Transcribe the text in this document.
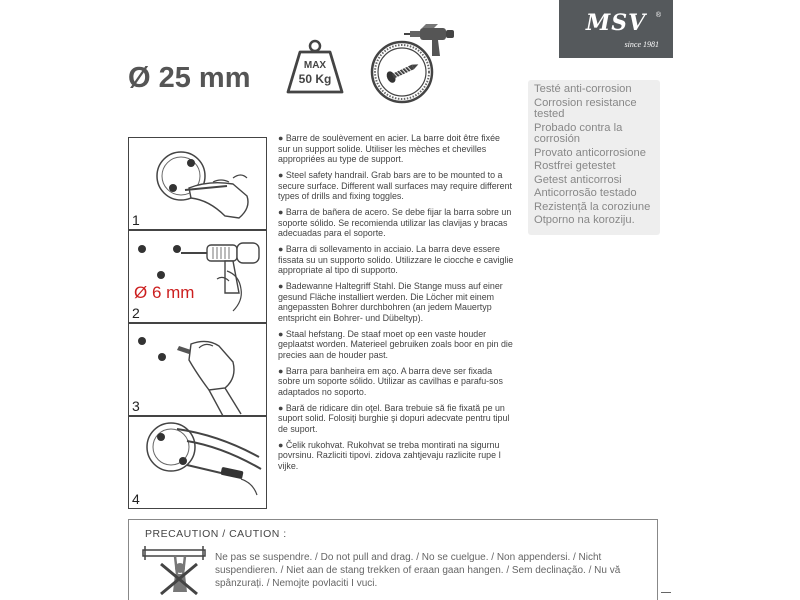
MSV	®
since 1981
Ø 25 mm	MAX
50 Kg
Testé anti-corrosion
Corrosion resistance tested
Probado contra la corrosión
Provato anticorrosione
Rostfrei getestet
Getest anticorrosi
Anticorrosão testado
Rezistență la coroziune
Otporno na koroziju.
1
Ø 6 mm
2
3
4
● Barre de soulèvement en acier. La barre doit être fixée sur un support solide. Utiliser les mèches et chevilles appropriées au type de support.
● Steel safety handrail. Grab bars are to be mounted to a secure surface. Different wall surfaces may require different types of drills and fixing toggles.
● Barra de bañera de acero. Se debe fijar la barra sobre un soporte sólido. Se recomienda utilizar las clavijas y bracas adecuadas para el soporte.
● Barra di sollevamento in acciaio. La barra deve essere fissata su un supporto solido. Utilizzare le ciocche e caviglie appropriate al tipo di supporto.
● Badewanne Haltegriff Stahl. Die Stange muss auf einer gesund Fläche installiert werden. Die Löcher mit einem angepassten Bohrer durchbohren (an jedem Mauertyp entspricht ein Bohrer- und Dübeltyp).
● Staal hefstang. De staaf moet op een vaste houder geplaatst worden. Materieel gebruiken zoals boor en pin die precies aan de houder past.
● Barra para banheira em aço. A barra deve ser fixada sobre um soporte sólido. Utilizar as cavilhas e parafu-sos adaptados no soporto.
● Bară de ridicare din oţel. Bara trebuie să fie fixată pe un suport solid. Folosiţi burghie şi dopuri adecvate pentru tipul de suport.
● Čelik rukohvat. Rukohvat se treba montirati na sigurnu povrsinu. Razliciti tipovi. zidova zahtjevaju razlicite rupe I vijke.
PRECAUTION / CAUTION :
Ne pas se suspendre. / Do not pull and drag. / No se cuelgue. / Non appendersi. / Nicht suspendieren. / Niet aan de stang trekken of eraan gaan hangen. / Sem declinação. / Nu vă spânzurați. / Nemojte povlaciti I vuci.
